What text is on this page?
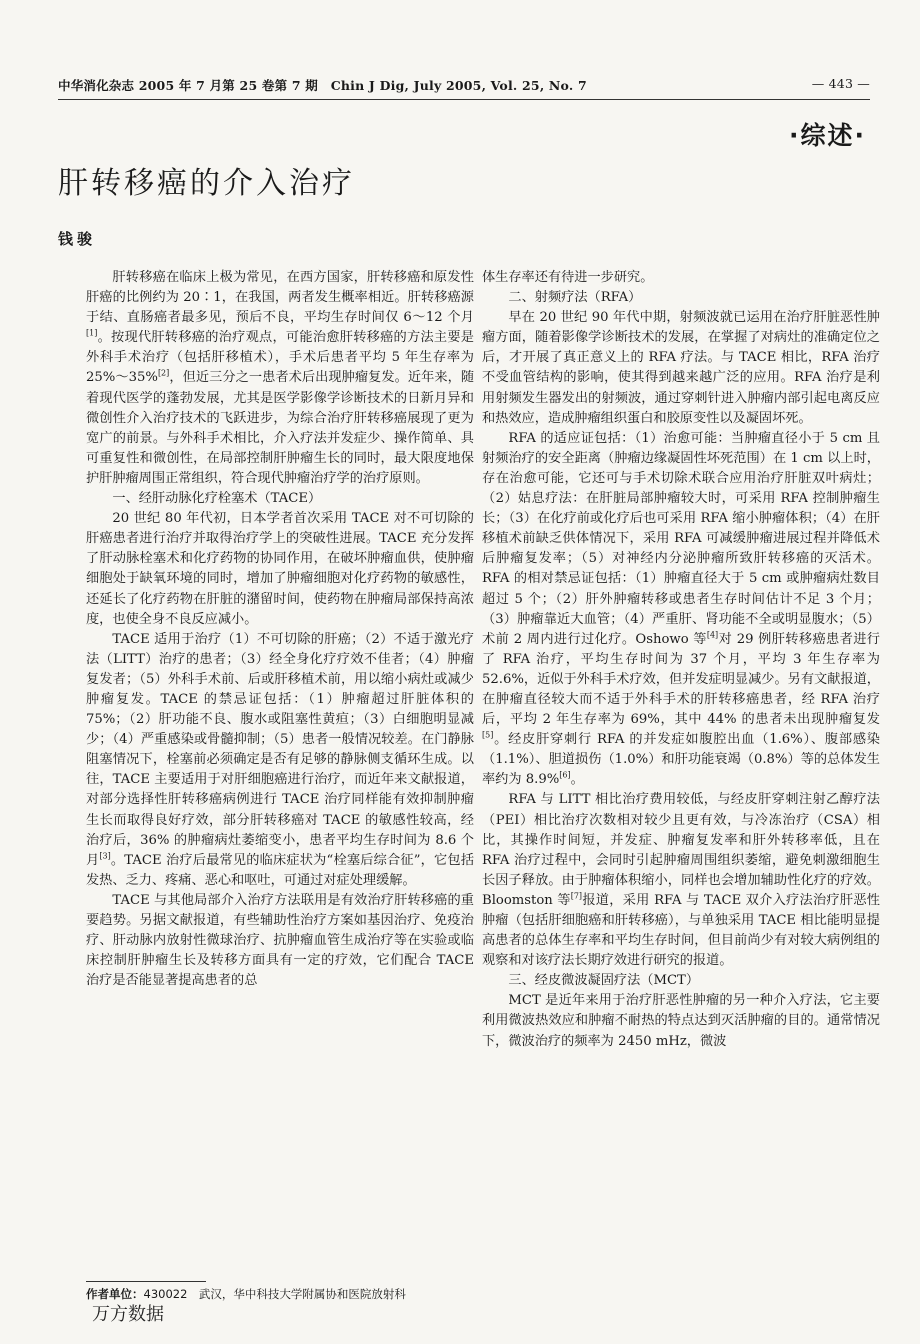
中华消化杂志 2005 年 7 月第 25 卷第 7 期　Chin J Dig, July 2005, Vol. 25, No. 7	— 443 —
·综述·
肝转移癌的介入治疗
钱骏

肝转移癌在临床上极为常见，在西方国家，肝转移癌和原发性肝癌的比例约为 20∶1，在我国，两者发生概率相近。肝转移癌源于结、直肠癌者最多见，预后不良，平均生存时间仅 6～12 个月[1]。按现代肝转移癌的治疗观点，可能治愈肝转移癌的方法主要是外科手术治疗（包括肝移植术），手术后患者平均 5 年生存率为 25%～35%[2]，但近三分之一患者术后出现肿瘤复发。近年来，随着现代医学的蓬勃发展，尤其是医学影像学诊断技术的日新月异和微创性介入治疗技术的飞跃进步，为综合治疗肝转移癌展现了更为宽广的前景。与外科手术相比，介入疗法并发症少、操作简单、具可重复性和微创性，在局部控制肝肿瘤生长的同时，最大限度地保护肝肿瘤周围正常组织，符合现代肿瘤治疗学的治疗原则。

一、经肝动脉化疗栓塞术（TACE）

20 世纪 80 年代初，日本学者首次采用 TACE 对不可切除的肝癌患者进行治疗并取得治疗学上的突破性进展。TACE 充分发挥了肝动脉栓塞术和化疗药物的协同作用，在破坏肿瘤血供，使肿瘤细胞处于缺氧环境的同时，增加了肿瘤细胞对化疗药物的敏感性，还延长了化疗药物在肝脏的潴留时间，使药物在肿瘤局部保持高浓度，也使全身不良反应减小。

TACE 适用于治疗（1）不可切除的肝癌；（2）不适于激光疗法（LITT）治疗的患者；（3）经全身化疗疗效不佳者；（4）肿瘤复发者；（5）外科手术前、后或肝移植术前，用以缩小病灶或减少肿瘤复发。TACE 的禁忌证包括：（1）肿瘤超过肝脏体积的 75%；（2）肝功能不良、腹水或阻塞性黄疸；（3）白细胞明显减少；（4）严重感染或骨髓抑制；（5）患者一般情况较差。在门静脉阻塞情况下，栓塞前必须确定是否有足够的静脉侧支循环生成。以往，TACE 主要适用于对肝细胞癌进行治疗，而近年来文献报道，对部分选择性肝转移癌病例进行 TACE 治疗同样能有效抑制肿瘤生长而取得良好疗效，部分肝转移癌对 TACE 的敏感性较高，经治疗后，36% 的肿瘤病灶萎缩变小，患者平均生存时间为 8.6 个月[3]。TACE 治疗后最常见的临床症状为“栓塞后综合征”，它包括发热、乏力、疼痛、恶心和呕吐，可通过对症处理缓解。

TACE 与其他局部介入治疗方法联用是有效治疗肝转移癌的重要趋势。另据文献报道，有些辅助性治疗方案如基因治疗、免疫治疗、肝动脉内放射性微球治疗、抗肿瘤血管生成治疗等在实验或临床控制肝肿瘤生长及转移方面具有一定的疗效，它们配合 TACE 治疗是否能显著提高患者的总

体生存率还有待进一步研究。

二、射频疗法（RFA）

早在 20 世纪 90 年代中期，射频波就已运用在治疗肝脏恶性肿瘤方面，随着影像学诊断技术的发展，在掌握了对病灶的准确定位之后，才开展了真正意义上的 RFA 疗法。与 TACE 相比，RFA 治疗不受血管结构的影响，使其得到越来越广泛的应用。RFA 治疗是利用射频发生器发出的射频波，通过穿刺针进入肿瘤内部引起电离反应和热效应，造成肿瘤组织蛋白和胶原变性以及凝固坏死。

RFA 的适应证包括：（1）治愈可能：当肿瘤直径小于 5 cm 且射频治疗的安全距离（肿瘤边缘凝固性坏死范围）在 1 cm 以上时，存在治愈可能，它还可与手术切除术联合应用治疗肝脏双叶病灶；（2）姑息疗法：在肝脏局部肿瘤较大时，可采用 RFA 控制肿瘤生长；（3）在化疗前或化疗后也可采用 RFA 缩小肿瘤体积；（4）在肝移植术前缺乏供体情况下，采用 RFA 可减缓肿瘤进展过程并降低术后肿瘤复发率；（5）对神经内分泌肿瘤所致肝转移癌的灭活术。RFA 的相对禁忌证包括：（1）肿瘤直径大于 5 cm 或肿瘤病灶数目超过 5 个；（2）肝外肿瘤转移或患者生存时间估计不足 3 个月；（3）肿瘤靠近大血管；（4）严重肝、肾功能不全或明显腹水；（5）术前 2 周内进行过化疗。Oshowo 等[4]对 29 例肝转移癌患者进行了 RFA 治疗，平均生存时间为 37 个月，平均 3 年生存率为 52.6%，近似于外科手术疗效，但并发症明显减少。另有文献报道，在肿瘤直径较大而不适于外科手术的肝转移癌患者，经 RFA 治疗后，平均 2 年生存率为 69%，其中 44% 的患者未出现肿瘤复发[5]。经皮肝穿刺行 RFA 的并发症如腹腔出血（1.6%）、腹部感染（1.1%）、胆道损伤（1.0%）和肝功能衰竭（0.8%）等的总体发生率约为 8.9%[6]。

RFA 与 LITT 相比治疗费用较低，与经皮肝穿刺注射乙醇疗法（PEI）相比治疗次数相对较少且更有效，与冷冻治疗（CSA）相比，其操作时间短，并发症、肿瘤复发率和肝外转移率低，且在 RFA 治疗过程中，会同时引起肿瘤周围组织萎缩，避免刺激细胞生长因子释放。由于肿瘤体积缩小，同样也会增加辅助性化疗的疗效。Bloomston 等[7]报道，采用 RFA 与 TACE 双介入疗法治疗肝恶性肿瘤（包括肝细胞癌和肝转移癌），与单独采用 TACE 相比能明显提高患者的总体生存率和平均生存时间，但目前尚少有对较大病例组的观察和对该疗法长期疗效进行研究的报道。

三、经皮微波凝固疗法（MCT）

MCT 是近年来用于治疗肝恶性肿瘤的另一种介入疗法，它主要利用微波热效应和肿瘤不耐热的特点达到灭活肿瘤的目的。通常情况下，微波治疗的频率为 2450 mHz，微波

作者单位：430022　武汉，华中科技大学附属协和医院放射科
万方数据
